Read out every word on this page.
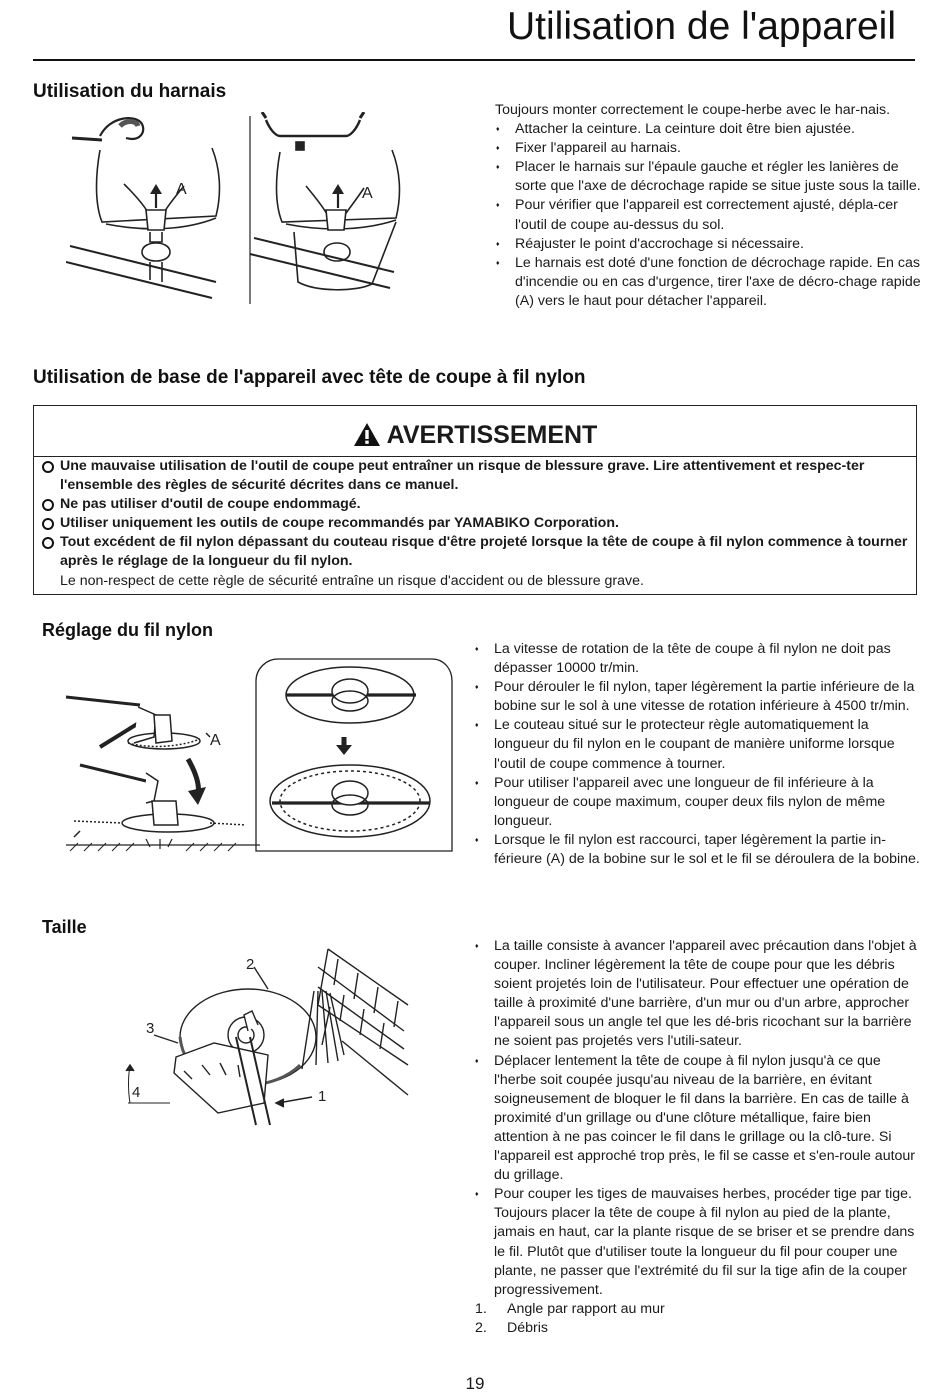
Utilisation de l'appareil
Utilisation du harnais
A	A
Toujours monter correctement le coupe-herbe avec le har-nais.
♦ Attacher la ceinture. La ceinture doit être bien ajustée.
♦ Fixer l'appareil au harnais.
♦ Placer le harnais sur l'épaule gauche et régler les lanières de sorte que l'axe de décrochage rapide se situe juste sous la taille.
♦ Pour vérifier que l'appareil est correctement ajusté, dépla-cer l'outil de coupe au-dessus du sol.
♦ Réajuster le point d'accrochage si nécessaire.
♦ Le harnais est doté d'une fonction de décrochage rapide. En cas d'incendie ou en cas d'urgence, tirer l'axe de décro-chage rapide (A) vers le haut pour détacher l'appareil.
Utilisation de base de l'appareil avec tête de coupe à fil nylon
AVERTISSEMENT
Une mauvaise utilisation de l'outil de coupe peut entraîner un risque de blessure grave. Lire attentivement et respec-ter l'ensemble des règles de sécurité décrites dans ce manuel.
Ne pas utiliser d'outil de coupe endommagé.
Utiliser uniquement les outils de coupe recommandés par YAMABIKO Corporation.
Tout excédent de fil nylon dépassant du couteau risque d'être projeté lorsque la tête de coupe à fil nylon commence à tourner après le réglage de la longueur du fil nylon.
Le non-respect de cette règle de sécurité entraîne un risque d'accident ou de blessure grave.
Réglage du fil nylon
A
♦ La vitesse de rotation de la tête de coupe à fil nylon ne doit pas dépasser 10000 tr/min.
♦ Pour dérouler le fil nylon, taper légèrement la partie inférieure de la bobine sur le sol à une vitesse de rotation inférieure à 4500 tr/min.
♦ Le couteau situé sur le protecteur règle automatiquement la longueur du fil nylon en le coupant de manière uniforme lorsque l'outil de coupe commence à tourner.
♦ Pour utiliser l'appareil avec une longueur de fil inférieure à la longueur de coupe maximum, couper deux fils nylon de même longueur.
♦ Lorsque le fil nylon est raccourci, taper légèrement la partie in-férieure (A) de la bobine sur le sol et le fil se déroulera de la bobine.
Taille
1
2
3
4
♦ La taille consiste à avancer l'appareil avec précaution dans l'objet à couper. Incliner légèrement la tête de coupe pour que les débris soient projetés loin de l'utilisateur. Pour effectuer une opération de taille à proximité d'une barrière, d'un mur ou d'un arbre, approcher l'appareil sous un angle tel que les dé-bris ricochant sur la barrière ne soient pas projetés vers l'utili-sateur.
♦ Déplacer lentement la tête de coupe à fil nylon jusqu'à ce que l'herbe soit coupée jusqu'au niveau de la barrière, en évitant soigneusement de bloquer le fil dans la barrière. En cas de taille à proximité d'un grillage ou d'une clôture métallique, faire bien attention à ne pas coincer le fil dans le grillage ou la clô-ture. Si l'appareil est approché trop près, le fil se casse et s'en-roule autour du grillage.
♦ Pour couper les tiges de mauvaises herbes, procéder tige par tige. Toujours placer la tête de coupe à fil nylon au pied de la plante, jamais en haut, car la plante risque de se briser et se prendre dans le fil. Plutôt que d'utiliser toute la longueur du fil pour couper une plante, ne passer que l'extrémité du fil sur la tige afin de la couper progressivement.
1.	Angle par rapport au mur
2.	Débris
19
